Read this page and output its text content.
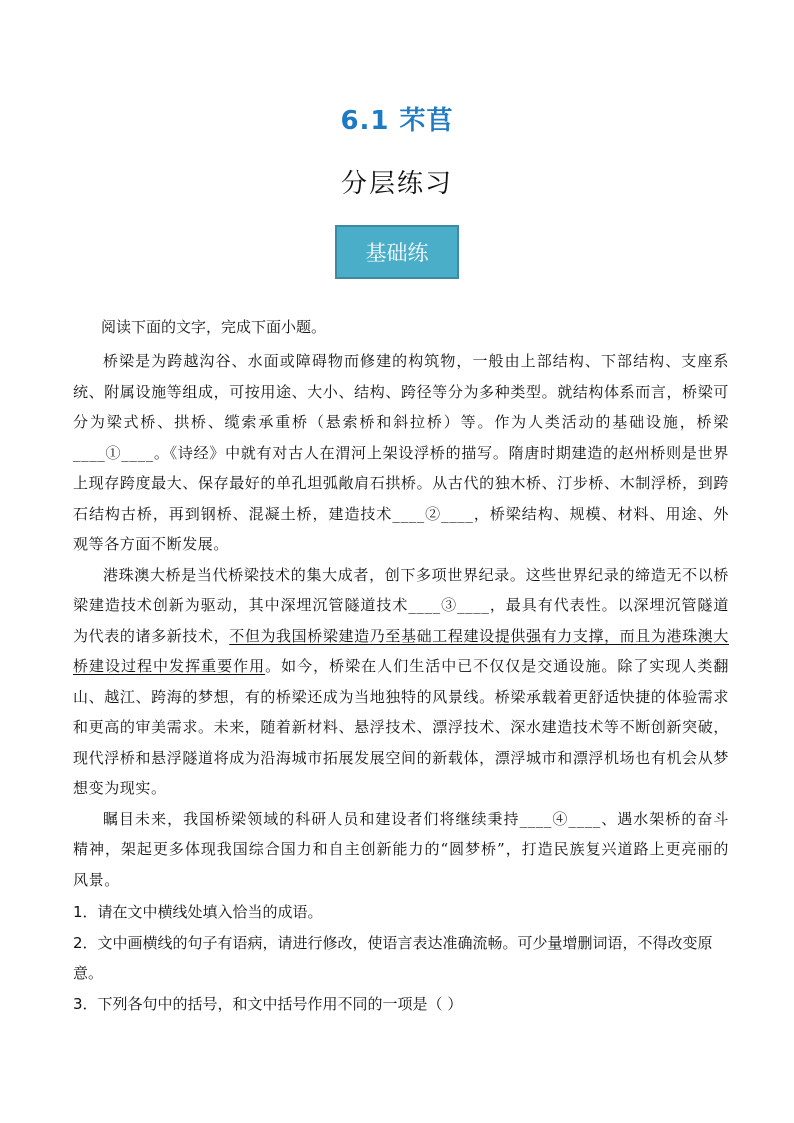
6.1 芣苢
分层练习
基础练

阅读下面的文字，完成下面小题。

桥梁是为跨越沟谷、水面或障碍物而修建的构筑物，一般由上部结构、下部结构、支座系统、附属设施等组成，可按用途、大小、结构、跨径等分为多种类型。就结构体系而言，桥梁可分为梁式桥、拱桥、缆索承重桥（悬索桥和斜拉桥）等。作为人类活动的基础设施，桥梁____①____。《诗经》中就有对古人在渭河上架设浮桥的描写。隋唐时期建造的赵州桥则是世界上现存跨度最大、保存最好的单孔坦弧敞肩石拱桥。从古代的独木桥、汀步桥、木制浮桥，到跨石结构古桥，再到钢桥、混凝土桥，建造技术____②____，桥梁结构、规模、材料、用途、外观等各方面不断发展。

港珠澳大桥是当代桥梁技术的集大成者，创下多项世界纪录。这些世界纪录的缔造无不以桥梁建造技术创新为驱动，其中深埋沉管隧道技术____③____，最具有代表性。以深埋沉管隧道为代表的诸多新技术，不但为我国桥梁建造乃至基础工程建设提供强有力支撑，而且为港珠澳大桥建设过程中发挥重要作用。如今，桥梁在人们生活中已不仅仅是交通设施。除了实现人类翻山、越江、跨海的梦想，有的桥梁还成为当地独特的风景线。桥梁承载着更舒适快捷的体验需求和更高的审美需求。未来，随着新材料、悬浮技术、漂浮技术、深水建造技术等不断创新突破，现代浮桥和悬浮隧道将成为沿海城市拓展发展空间的新载体，漂浮城市和漂浮机场也有机会从梦想变为现实。

瞩目未来，我国桥梁领域的科研人员和建设者们将继续秉持____④____、遇水架桥的奋斗精神，架起更多体现我国综合国力和自主创新能力的“圆梦桥”，打造民族复兴道路上更亮丽的风景。

1．请在文中横线处填入恰当的成语。

2．文中画横线的句子有语病，请进行修改，使语言表达准确流畅。可少量增删词语，不得改变原意。

3．下列各句中的括号，和文中括号作用不同的一项是（ ）
